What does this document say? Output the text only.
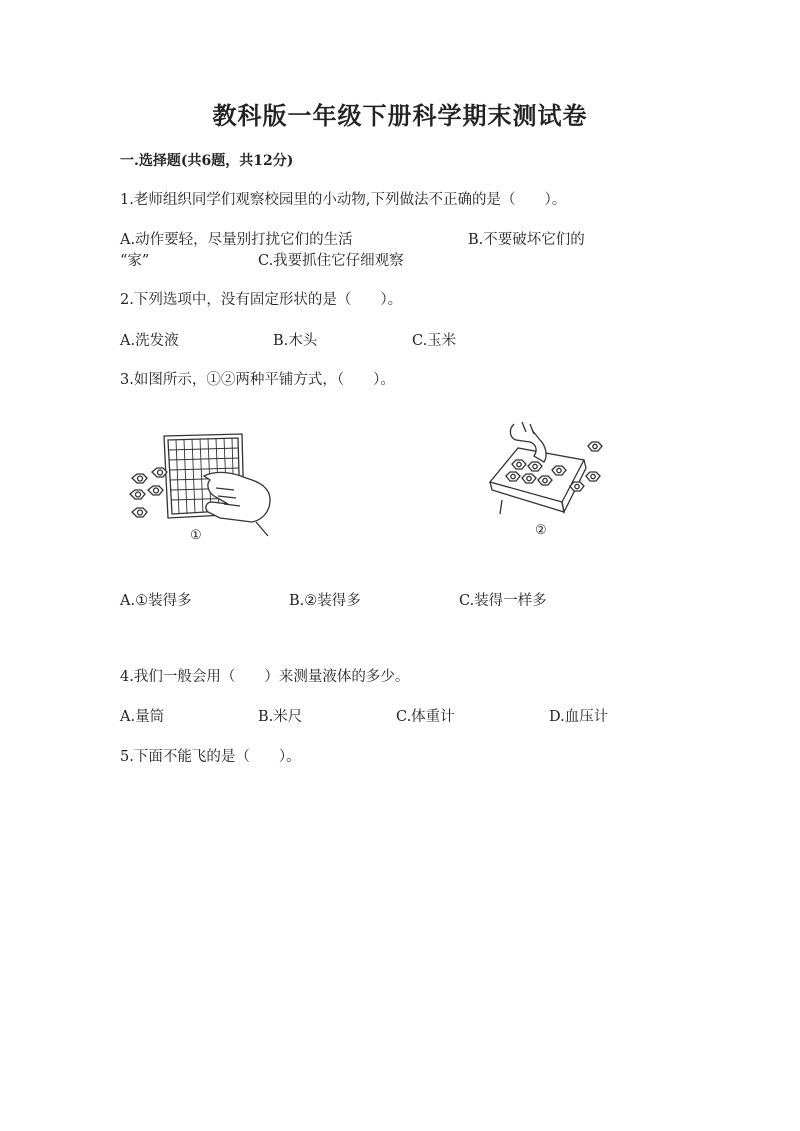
教科版一年级下册科学期末测试卷
一.选择题(共6题，共12分)
1.老师组织同学们观察校园里的小动物,下列做法不正确的是（　　）。
A.动作要轻，尽量别打扰它们的生活	B.不要破坏它们的
“家”	C.我要抓住它仔细观察
2.下列选项中，没有固定形状的是（　　）。
A.洗发液	B.木头	C.玉米
3.如图所示，①②两种平铺方式，（　　）。
①	②
A.①装得多	B.②装得多	C.装得一样多
4.我们一般会用（　　）来测量液体的多少。
A.量筒	B.米尺	C.体重计	D.血压计
5.下面不能飞的是（　　）。
